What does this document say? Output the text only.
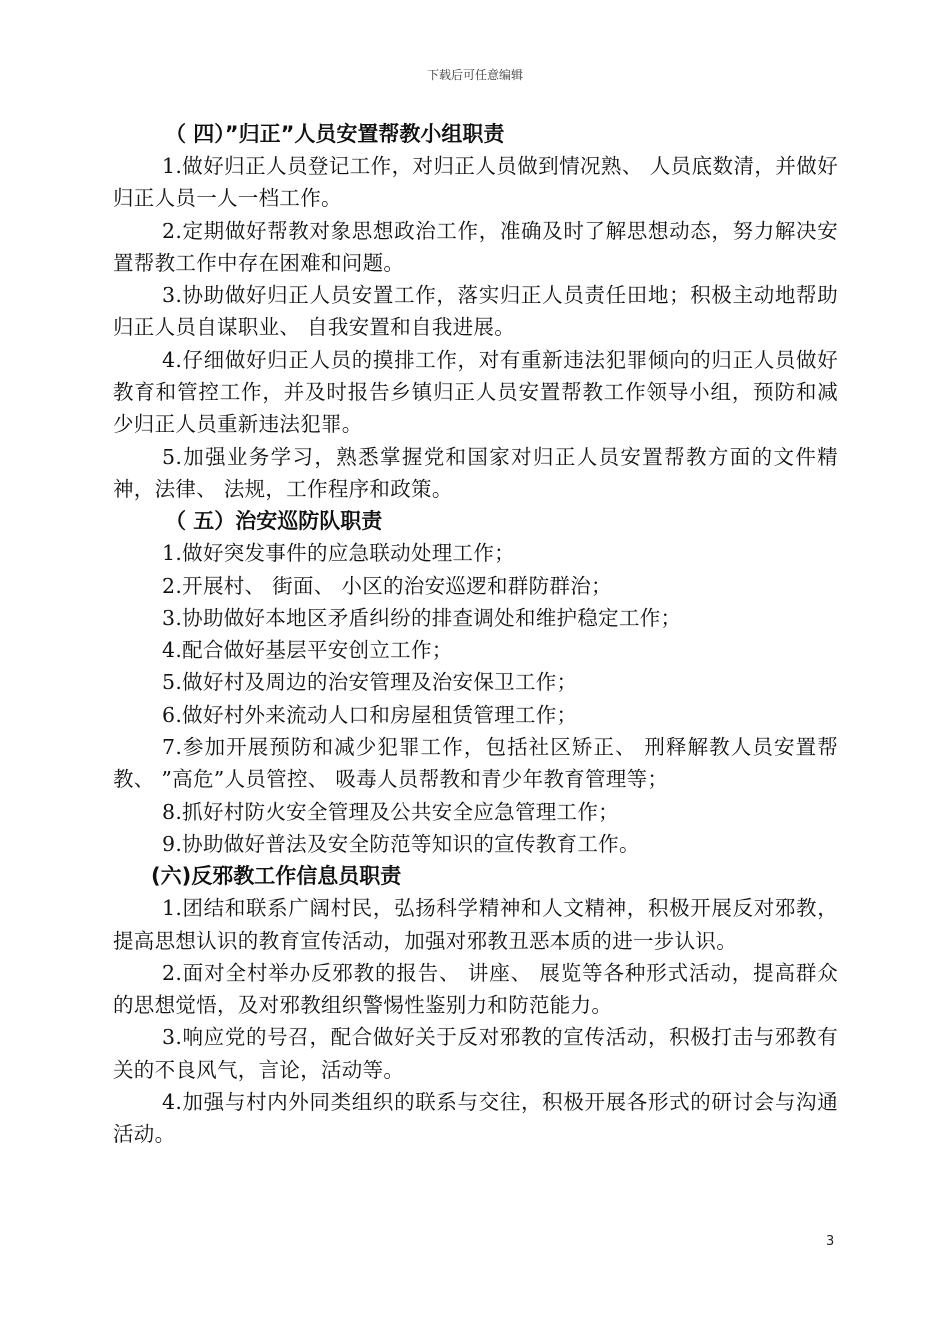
下载后可任意编辑
（ 四）”归正”人员安置帮教小组职责

1.做好归正人员登记工作，对归正人员做到情况熟、 人员底数清，并做好归正人员一人一档工作。

2.定期做好帮教对象思想政治工作，准确及时了解思想动态，努力解决安置帮教工作中存在困难和问题。

3.协助做好归正人员安置工作，落实归正人员责任田地；积极主动地帮助归正人员自谋职业、 自我安置和自我进展。

4.仔细做好归正人员的摸排工作，对有重新违法犯罪倾向的归正人员做好教育和管控工作，并及时报告乡镇归正人员安置帮教工作领导小组，预防和减少归正人员重新违法犯罪。

5.加强业务学习，熟悉掌握党和国家对归正人员安置帮教方面的文件精神，法律、 法规，工作程序和政策。

（ 五）治安巡防队职责

1.做好突发事件的应急联动处理工作；

2.开展村、 街面、 小区的治安巡逻和群防群治；

3.协助做好本地区矛盾纠纷的排查调处和维护稳定工作；

4.配合做好基层平安创立工作；

5.做好村及周边的治安管理及治安保卫工作；

6.做好村外来流动人口和房屋租赁管理工作；

7.参加开展预防和减少犯罪工作，包括社区矫正、 刑释解教人员安置帮教、 ”高危”人员管控、 吸毒人员帮教和青少年教育管理等；

8.抓好村防火安全管理及公共安全应急管理工作；

9.协助做好普法及安全防范等知识的宣传教育工作。

(六)反邪教工作信息员职责

1.团结和联系广阔村民，弘扬科学精神和人文精神，积极开展反对邪教，提高思想认识的教育宣传活动，加强对邪教丑恶本质的进一步认识。

2.面对全村举办反邪教的报告、 讲座、 展览等各种形式活动，提高群众的思想觉悟，及对邪教组织警惕性鉴别力和防范能力。

3.响应党的号召，配合做好关于反对邪教的宣传活动，积极打击与邪教有关的不良风气，言论，活动等。

4.加强与村内外同类组织的联系与交往，积极开展各形式的研讨会与沟通活动。

3
